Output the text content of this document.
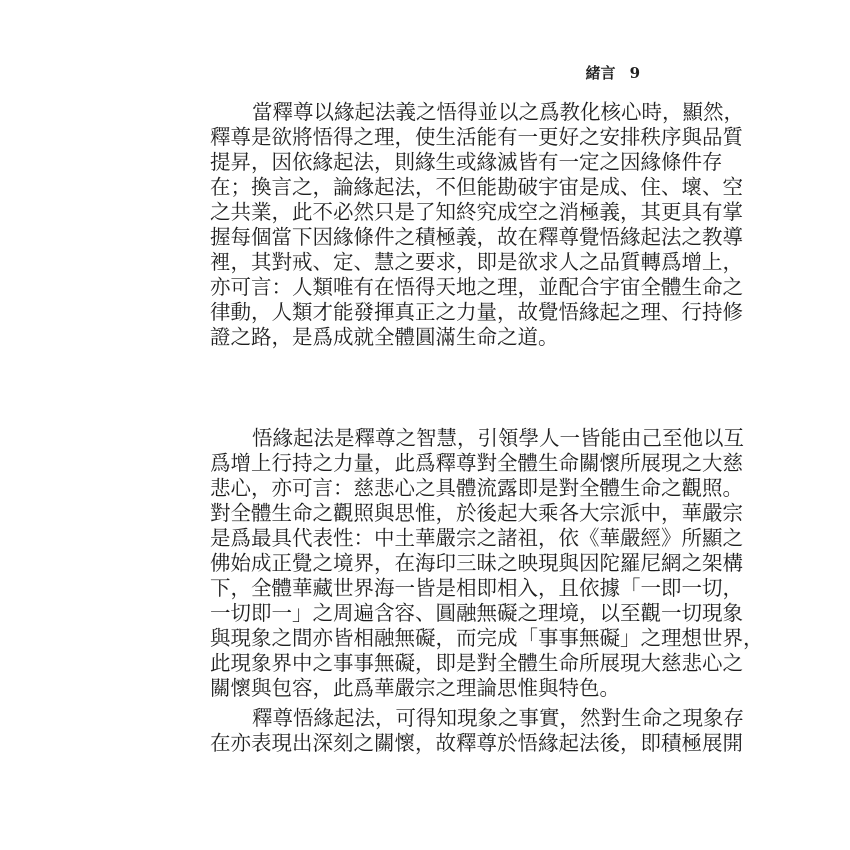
緒言 9
當釋尊以緣起法義之悟得並以之爲教化核心時，顯然，
釋尊是欲將悟得之理，使生活能有一更好之安排秩序與品質
提昇，因依緣起法，則緣生或緣滅皆有一定之因緣條件存
在；換言之，論緣起法，不但能勘破宇宙是成、住、壞、空
之共業，此不必然只是了知終究成空之消極義，其更具有掌
握每個當下因緣條件之積極義，故在釋尊覺悟緣起法之教導
裡，其對戒、定、慧之要求，即是欲求人之品質轉爲增上，
亦可言：人類唯有在悟得天地之理，並配合宇宙全體生命之
律動，人類才能發揮真正之力量，故覺悟緣起之理、行持修
證之路，是爲成就全體圓滿生命之道。
悟緣起法是釋尊之智慧，引領學人一皆能由己至他以互
爲增上行持之力量，此爲釋尊對全體生命關懷所展現之大慈
悲心，亦可言：慈悲心之具體流露即是對全體生命之觀照。
對全體生命之觀照與思惟，於後起大乘各大宗派中，華嚴宗
是爲最具代表性：中土華嚴宗之諸祖，依《華嚴經》所顯之
佛始成正覺之境界，在海印三昧之映現與因陀羅尼網之架構
下，全體華藏世界海一皆是相即相入，且依據「一即一切，
一切即一」之周遍含容、圓融無礙之理境，以至觀一切現象
與現象之間亦皆相融無礙，而完成「事事無礙」之理想世界，
此現象界中之事事無礙，即是對全體生命所展現大慈悲心之
關懷與包容，此爲華嚴宗之理論思惟與特色。
釋尊悟緣起法，可得知現象之事實，然對生命之現象存
在亦表現出深刻之關懷，故釋尊於悟緣起法後，即積極展開
